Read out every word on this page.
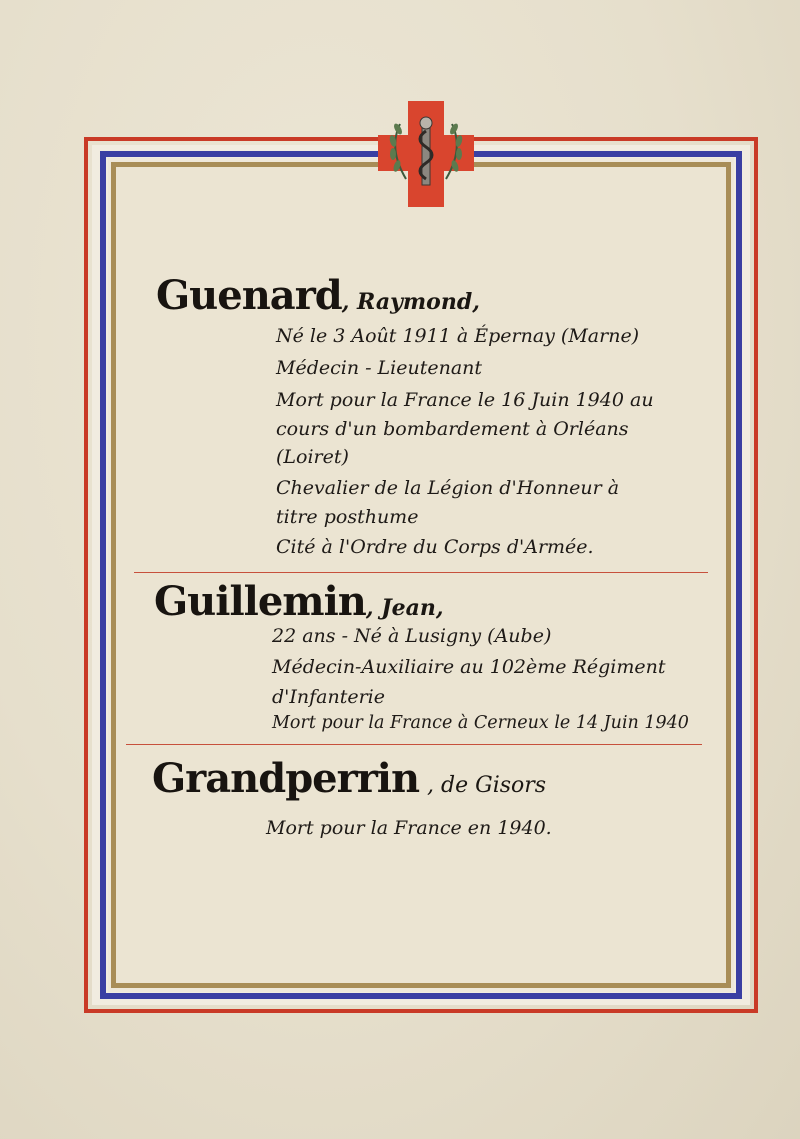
Guenard, Raymond,
Né le 3 Août 1911 à Épernay (Marne)
Médecin - Lieutenant
Mort pour la France le 16 Juin 1940 au
cours d'un bombardement à Orléans
(Loiret)
Chevalier de la Légion d'Honneur à
titre posthume
Cité à l'Ordre du Corps d'Armée.
Guillemin, Jean,
22 ans - Né à Lusigny (Aube)
Médecin-Auxiliaire au 102ème Régiment
d'Infanterie
Mort pour la France à Cerneux le 14 Juin 1940
Grandperrin , de Gisors
Mort pour la France en 1940.
